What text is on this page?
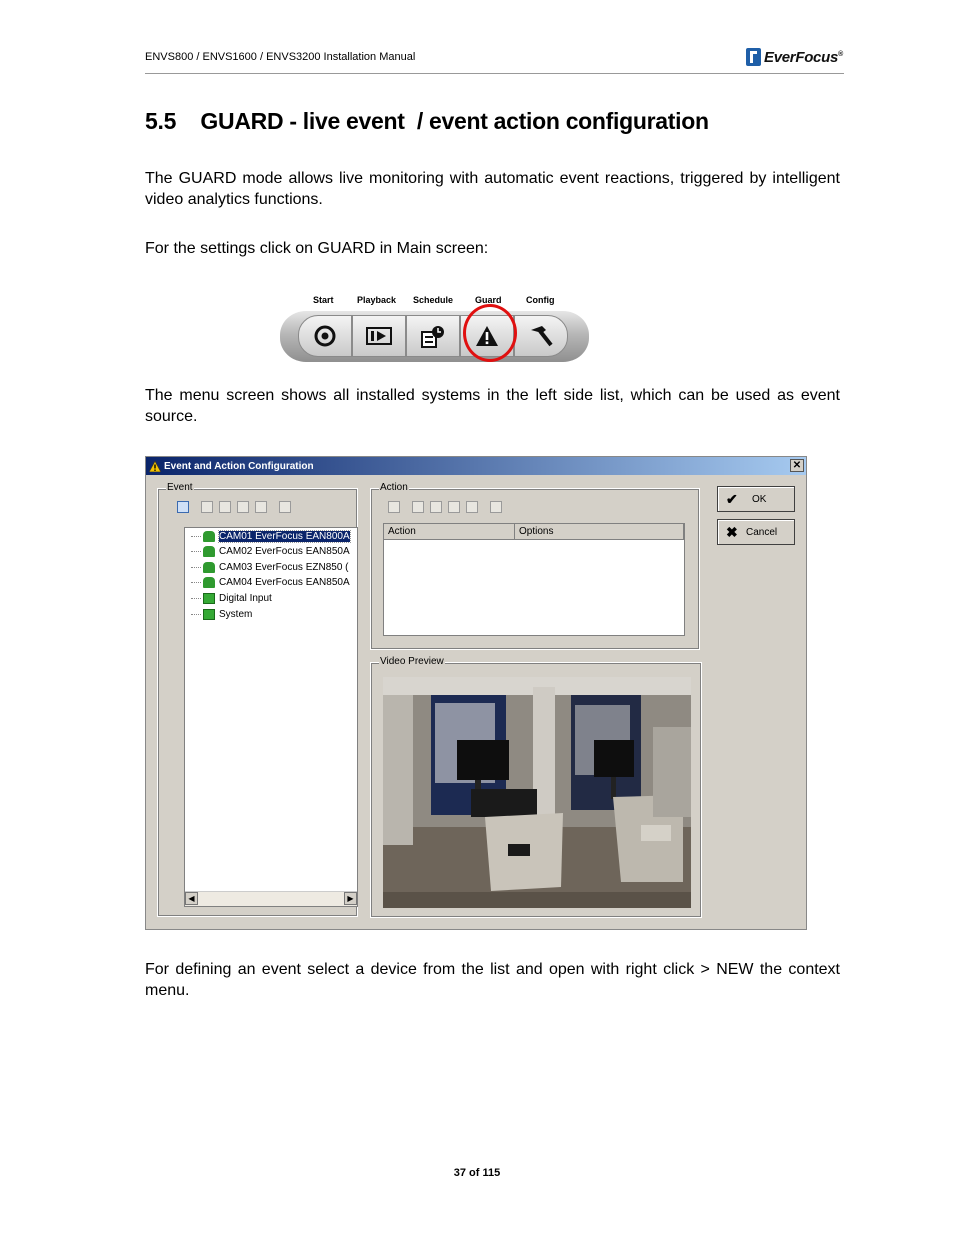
ENVS800 / ENVS1600 / ENVS3200 Installation Manual	EverFocus®
5.5    GUARD - live event  / event action configuration
The GUARD mode allows live monitoring with automatic event reactions, triggered by intelligent video analytics functions.
For the settings click on GUARD in Main screen:
Start	Playback Schedule Guard	Config
The menu screen shows all installed systems in the left side list, which can be used as event source.
Event and Action Configuration	✕
Event
CAM01 EverFocus EAN800A
CAM02 EverFocus EAN850A
CAM03 EverFocus EZN850 (
CAM04 EverFocus EAN850A
Digital Input
System
◀	▶
Action
Action	Options
Video Preview
✔	OK
✖ Cancel
For defining an event select a device from the list and open with right click > NEW the context menu.
37 of 115
